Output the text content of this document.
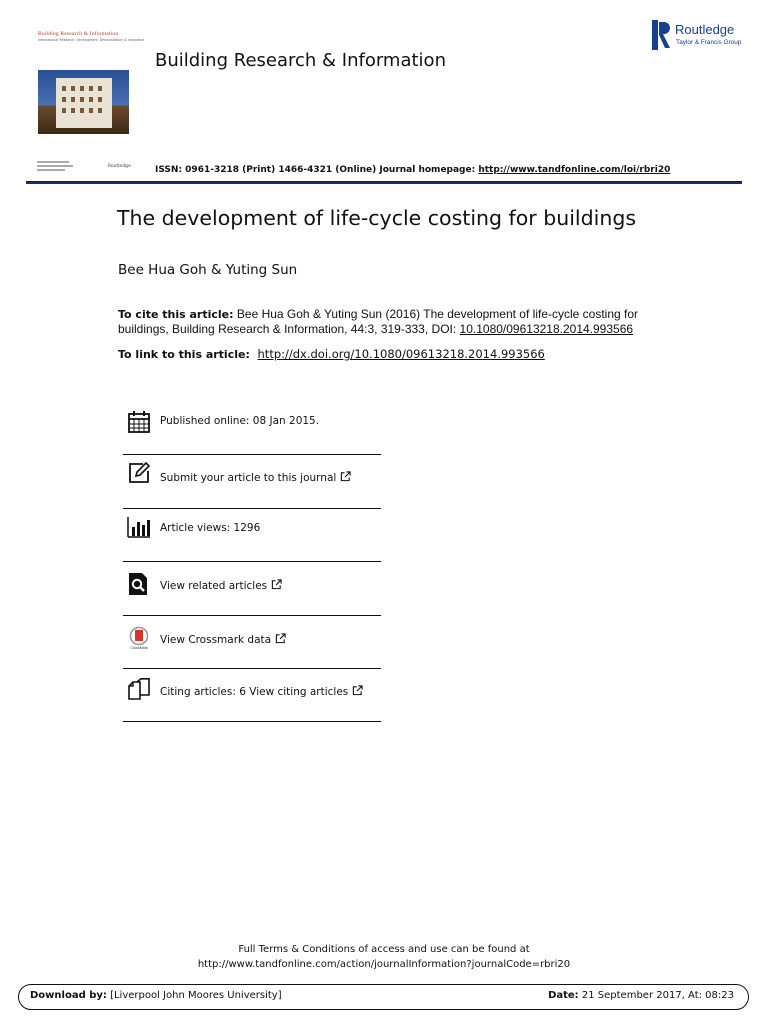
Building Research & Information
International Research, Development, Demonstration & Innovation
Building Research & Information
Routledge
Taylor & Francis Group
Routledge	ISSN: 0961-3218 (Print) 1466-4321 (Online) Journal homepage: http://www.tandfonline.com/loi/rbri20
The development of life-cycle costing for buildings
Bee Hua Goh & Yuting Sun
To cite this article: Bee Hua Goh & Yuting Sun (2016) The development of life-cycle costing for buildings, Building Research & Information, 44:3, 319-333, DOI: 10.1080/09613218.2014.993566
To link to this article: http://dx.doi.org/10.1080/09613218.2014.993566
Published online: 08 Jan 2015.
Submit your article to this journal
Article views: 1296
View related articles
CrossMark
View Crossmark data
Citing articles: 6 View citing articles
Full Terms & Conditions of access and use can be found at
http://www.tandfonline.com/action/journalInformation?journalCode=rbri20
Download by: [Liverpool John Moores University]	Date: 21 September 2017, At: 08:23
